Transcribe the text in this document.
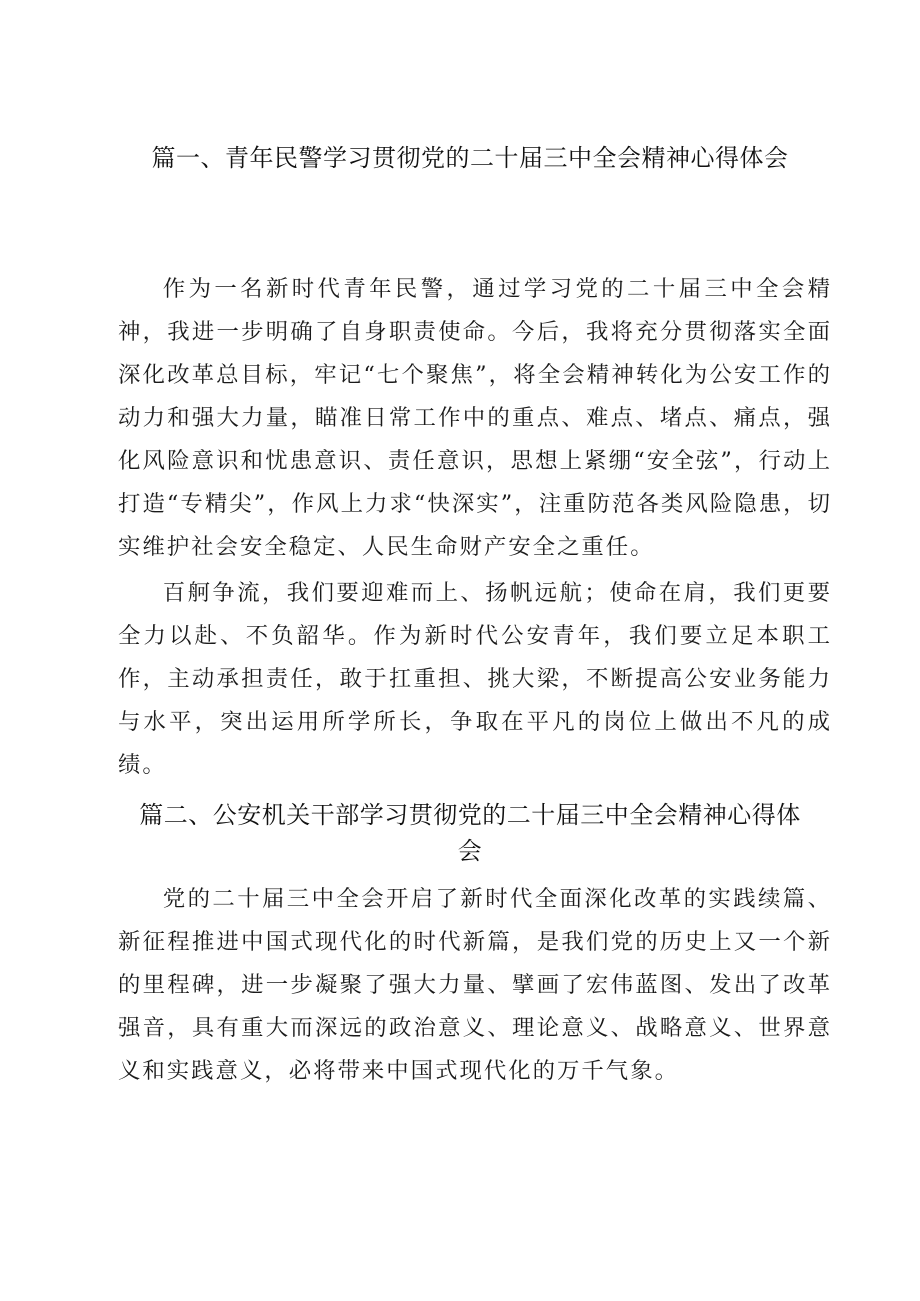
篇一、青年民警学习贯彻党的二十届三中全会精神心得体会

作为一名新时代青年民警，通过学习党的二十届三中全会精神，我进一步明确了自身职责使命。今后，我将充分贯彻落实全面深化改革总目标，牢记“七个聚焦”，将全会精神转化为公安工作的动力和强大力量，瞄准日常工作中的重点、难点、堵点、痛点，强化风险意识和忧患意识、责任意识，思想上紧绷“安全弦”，行动上打造“专精尖”，作风上力求“快深实”，注重防范各类风险隐患，切实维护社会安全稳定、人民生命财产安全之重任。

百舸争流，我们要迎难而上、扬帆远航；使命在肩，我们更要全力以赴、不负韶华。作为新时代公安青年，我们要立足本职工作，主动承担责任，敢于扛重担、挑大梁，不断提高公安业务能力与水平，突出运用所学所长，争取在平凡的岗位上做出不凡的成绩。

篇二、公安机关干部学习贯彻党的二十届三中全会精神心得体会

党的二十届三中全会开启了新时代全面深化改革的实践续篇、新征程推进中国式现代化的时代新篇，是我们党的历史上又一个新的里程碑，进一步凝聚了强大力量、擘画了宏伟蓝图、发出了改革强音，具有重大而深远的政治意义、理论意义、战略意义、世界意义和实践意义，必将带来中国式现代化的万千气象。
